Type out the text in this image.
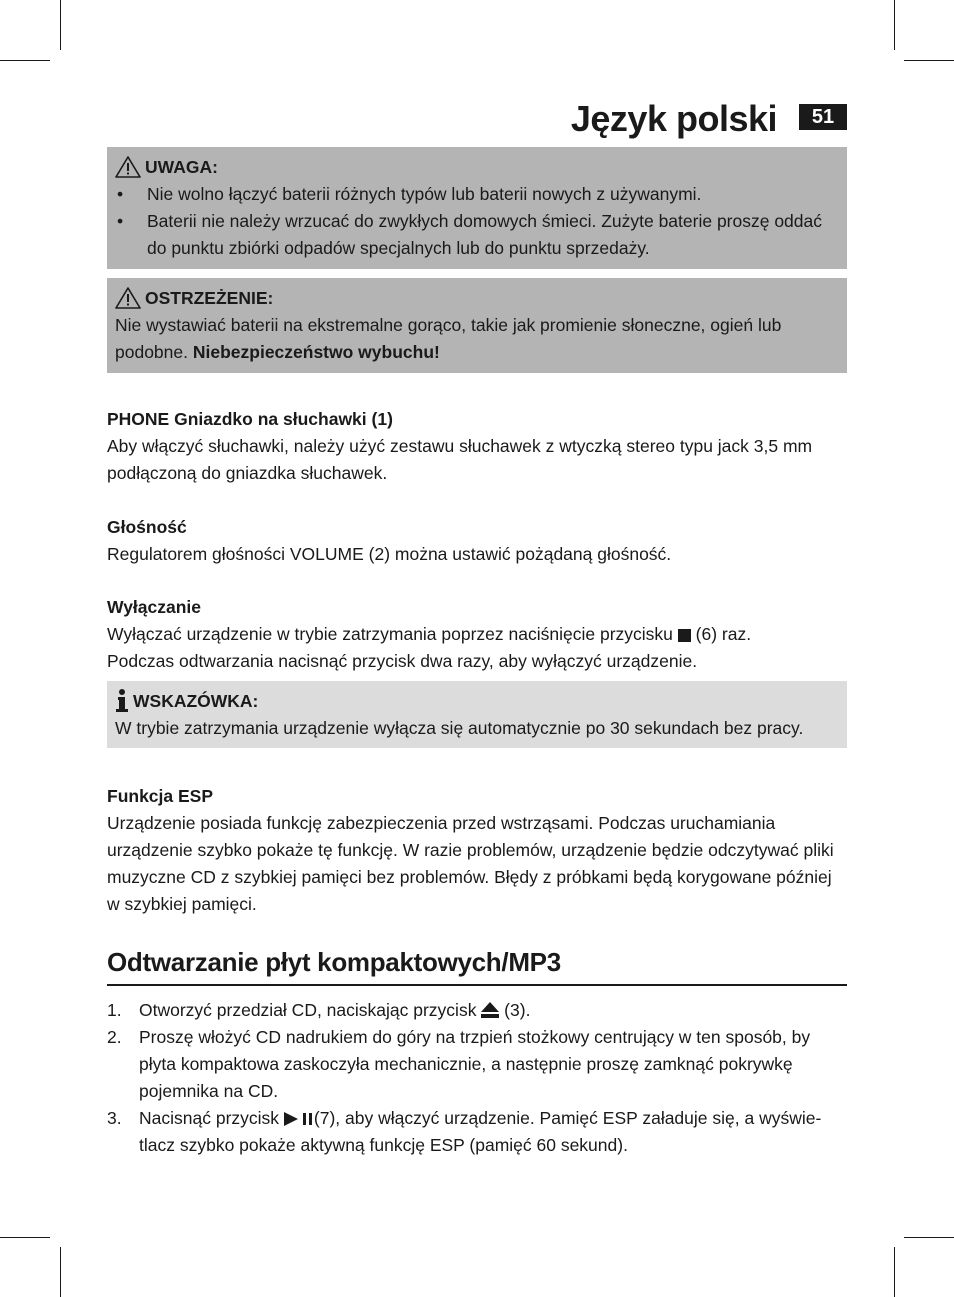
Język polski	51
UWAGA:
• Nie wolno łączyć baterii różnych typów lub baterii nowych z używanymi.
• Baterii nie należy wrzucać do zwykłych domowych śmieci. Zużyte baterie proszę oddać do punktu zbiórki odpadów specjalnych lub do punktu sprzedaży.
OSTRZEŻENIE:
Nie wystawiać baterii na ekstremalne gorąco, takie jak promienie słoneczne, ogień lub podobne. Niebezpieczeństwo wybuchu!
PHONE Gniazdko na słuchawki (1)
Aby włączyć słuchawki, należy użyć zestawu słuchawek z wtyczką stereo typu jack 3,5 mm podłączoną do gniazdka słuchawek.
Głośność
Regulatorem głośności VOLUME (2) można ustawić pożądaną głośność.
Wyłączanie
Wyłączać urządzenie w trybie zatrzymania poprzez naciśnięcie przycisku  (6) raz.
Podczas odtwarzania nacisnąć przycisk dwa razy, aby wyłączyć urządzenie.
WSKAZÓWKA:
W trybie zatrzymania urządzenie wyłącza się automatycznie po 30 sekundach bez pracy.
Funkcja ESP
Urządzenie posiada funkcję zabezpieczenia przed wstrząsami. Podczas uruchamiania urządzenie szybko pokaże tę funkcję. W razie problemów, urządzenie będzie odczytywać pliki muzyczne CD z szybkiej pamięci bez problemów. Błędy z próbkami będą korygowane później w szybkiej pamięci.
Odtwarzanie płyt kompaktowych/MP3
1. Otworzyć przedział CD, naciskając przycisk  (3).
2. Proszę włożyć CD nadrukiem do góry na trzpień stożkowy centrujący w ten sposób, by płyta kompaktowa zaskoczyła mechanicznie, a następnie proszę zamknąć pokrywkę pojemnika na CD.
3. Nacisnąć przycisk (7), aby włączyć urządzenie. Pamięć ESP załaduje się, a wyświe-tlacz szybko pokaże aktywną funkcję ESP (pamięć 60 sekund).
